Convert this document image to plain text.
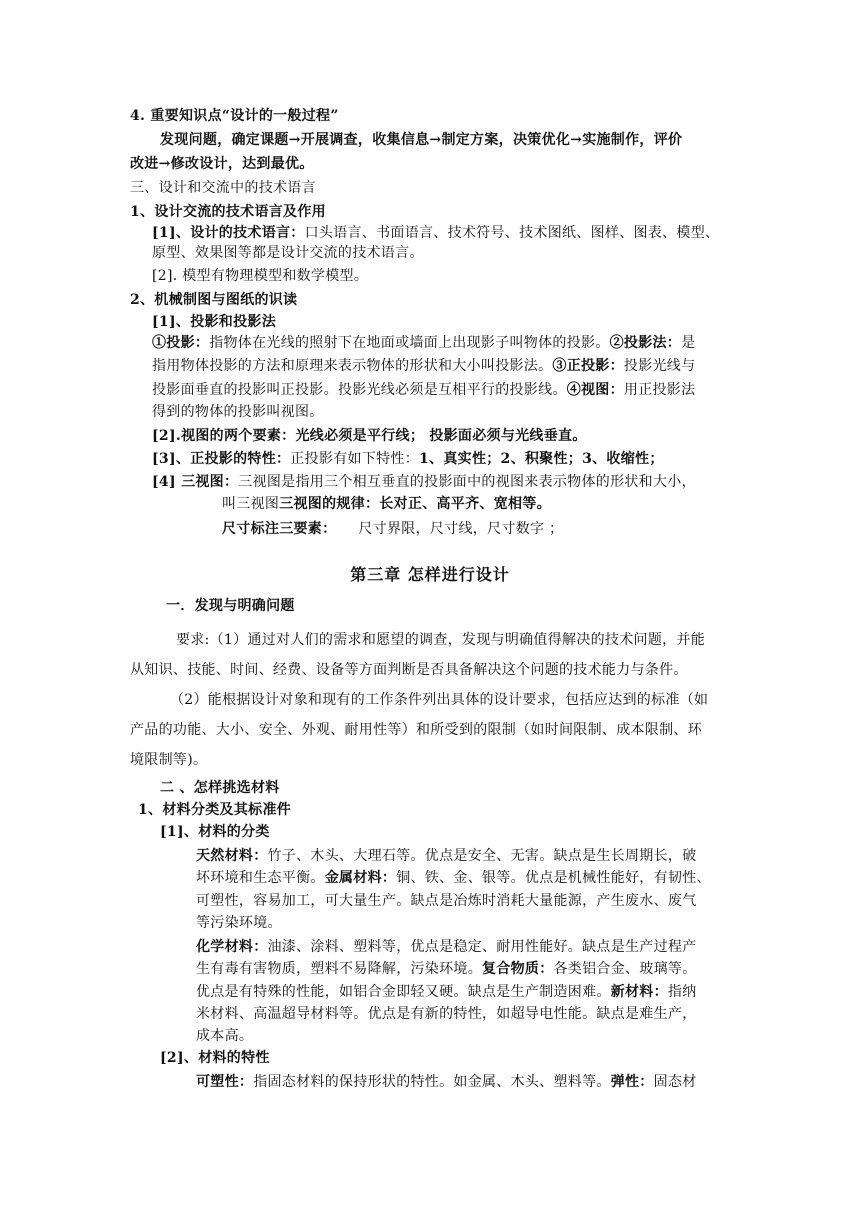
4. 重要知识点“设计的一般过程”
发现问题，确定课题→开展调查，收集信息→制定方案，决策优化→实施制作，评价
改进→修改设计，达到最优。
三、设计和交流中的技术语言
1、设计交流的技术语言及作用
[1]、设计的技术语言：口头语言、书面语言、技术符号、技术图纸、图样、图表、模型、
原型、效果图等都是设计交流的技术语言。
[2]. 模型有物理模型和数学模型。
2、机械制图与图纸的识读
[1]、投影和投影法
①投影：指物体在光线的照射下在地面或墙面上出现影子叫物体的投影。②投影法：是
指用物体投影的方法和原理来表示物体的形状和大小叫投影法。③正投影：投影光线与
投影面垂直的投影叫正投影。投影光线必须是互相平行的投影线。④视图：用正投影法
得到的物体的投影叫视图。
[2].视图的两个要素：光线必须是平行线； 投影面必须与光线垂直。
[3]、正投影的特性：正投影有如下特性：1、真实性；2、积聚性；3、收缩性；
[4] 三视图：三视图是指用三个相互垂直的投影面中的视图来表示物体的形状和大小，
叫三视图三视图的规律：长对正、高平齐、宽相等。
尺寸标注三要素： 尺寸界限，尺寸线，尺寸数字 ；
第三章 怎样进行设计
一．发现与明确问题
要求:（1）通过对人们的需求和愿望的调查，发现与明确值得解决的技术问题，并能
从知识、技能、时间、经费、设备等方面判断是否具备解决这个问题的技术能力与条件。
（2）能根据设计对象和现有的工作条件列出具体的设计要求，包括应达到的标准（如
产品的功能、大小、安全、外观、耐用性等）和所受到的限制（如时间限制、成本限制、环
境限制等)。
二 、怎样挑选材料
1、材料分类及其标准件
[1]、材料的分类
天然材料：竹子、木头、大理石等。优点是安全、无害。缺点是生长周期长，破
坏环境和生态平衡。金属材料：铜、铁、金、银等。优点是机械性能好，有韧性、
可塑性，容易加工，可大量生产。缺点是冶炼时消耗大量能源，产生废水、废气
等污染环境。
化学材料：油漆、涂料、塑料等，优点是稳定、耐用性能好。缺点是生产过程产
生有毒有害物质，塑料不易降解，污染环境。复合物质：各类铝合金、玻璃等。
优点是有特殊的性能，如铝合金即轻又硬。缺点是生产制造困难。新材料：指纳
米材料、高温超导材料等。优点是有新的特性，如超导电性能。缺点是难生产，
成本高。
[2]、材料的特性
可塑性：指固态材料的保持形状的特性。如金属、木头、塑料等。弹性：固态材
